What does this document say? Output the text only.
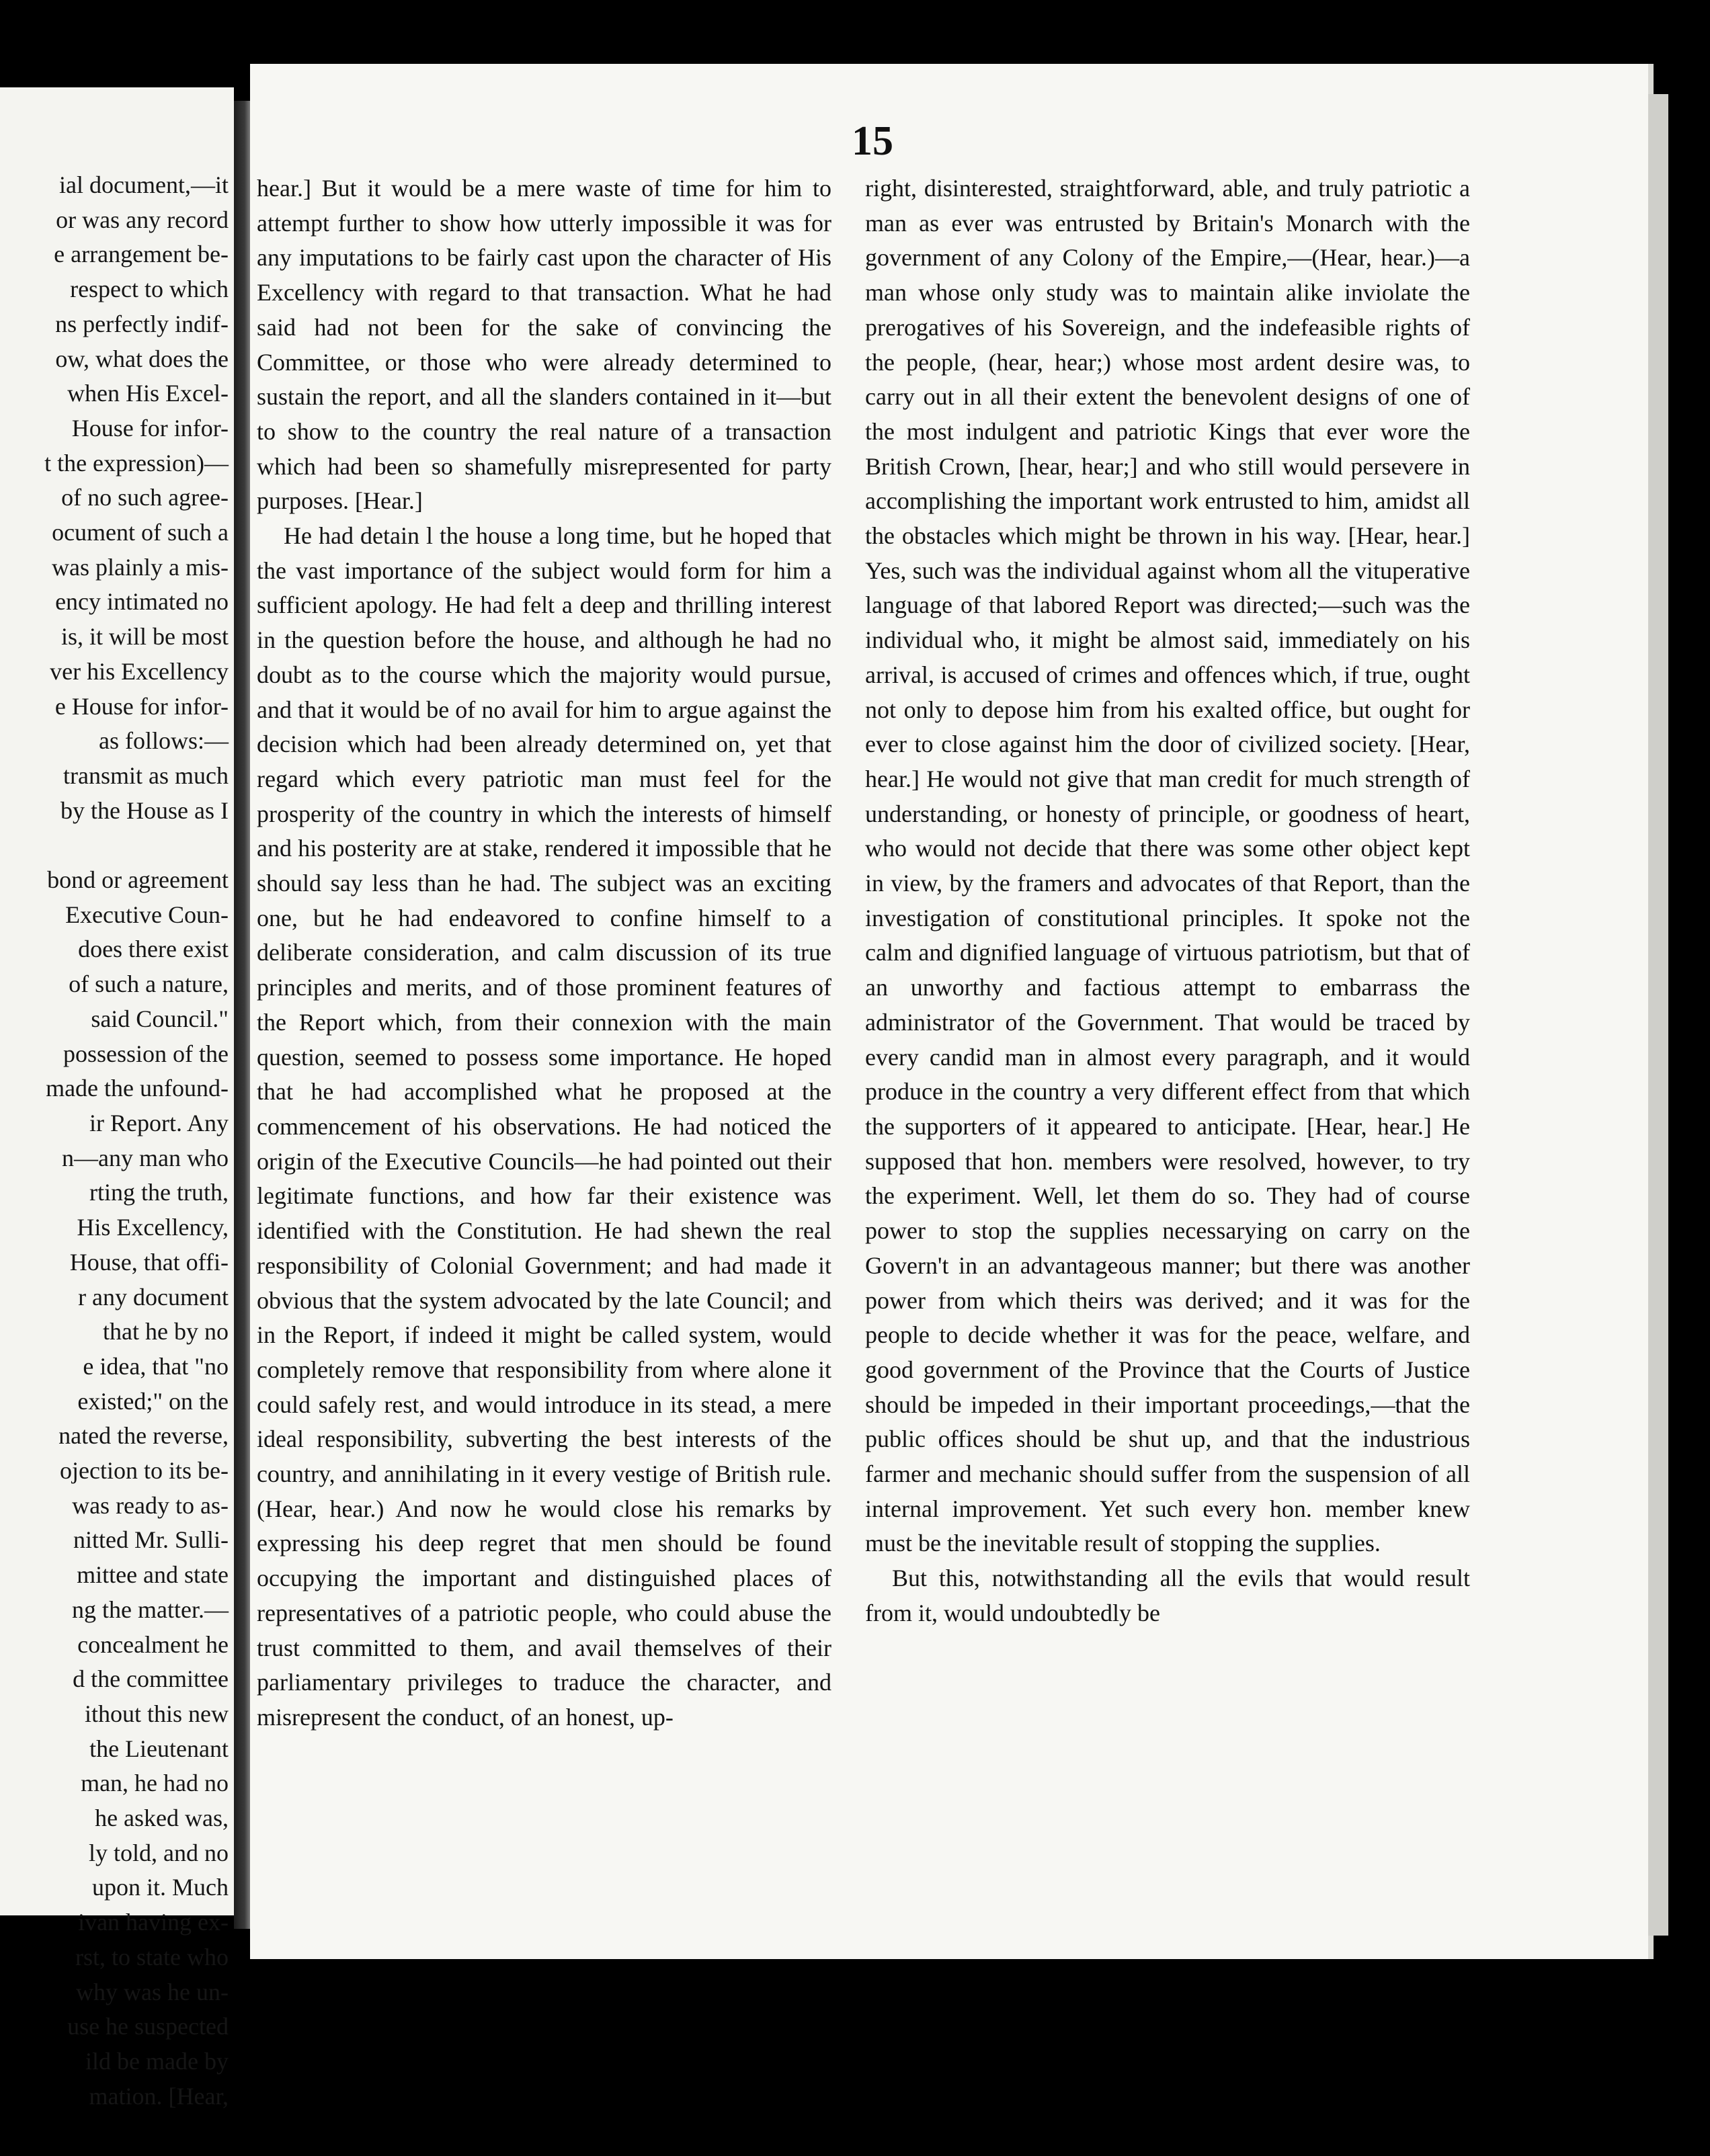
ial document,—it
or was any record
e arrangement be-
respect to which
ns perfectly indif-
ow, what does the
when His Excel-
House for infor-
t the expression)—
of no such agree-
ocument of such a
was plainly a mis-
ency intimated no
is, it will be most
ver his Excellency
e House for infor-
as follows:—
transmit as much
by the House as I

bond or agreement
Executive Coun-
does there exist
of such a nature,
said Council."
possession of the
made the unfound-
ir Report. Any
n—any man who
rting the truth,
His Excellency,
House, that offi-
r any document
that he by no
e idea, that "no
existed;" on the
nated the reverse,
ojection to its be-
was ready to as-
nitted Mr. Sulli-
mittee and state
ng the matter.—
concealment he
d the committee
ithout this new
the Lieutenant
man, he had no
he asked was,
ly told, and no
upon it. Much
ivan having ex-
rst, to state who
why was he un-
use he suspected
ild be made by
mation. [Hear,
15

hear.] But it would be a mere waste of time for him to attempt further to show how utterly impossible it was for any imputations to be fairly cast upon the character of His Excellency with regard to that transaction. What he had said had not been for the sake of convincing the Committee, or those who were already determined to sustain the report, and all the slanders contained in it—but to show to the country the real nature of a transaction which had been so shamefully misrepresented for party purposes. [Hear.]

He had detain l the house a long time, but he hoped that the vast importance of the subject would form for him a sufficient apology. He had felt a deep and thrilling interest in the question before the house, and although he had no doubt as to the course which the majority would pursue, and that it would be of no avail for him to argue against the decision which had been already determined on, yet that regard which every patriotic man must feel for the prosperity of the country in which the interests of himself and his posterity are at stake, rendered it impossible that he should say less than he had. The subject was an exciting one, but he had endeavored to confine himself to a deliberate consideration, and calm discussion of its true principles and merits, and of those prominent features of the Report which, from their connexion with the main question, seemed to possess some importance. He hoped that he had accomplished what he proposed at the commencement of his observations. He had noticed the origin of the Executive Councils—he had pointed out their legitimate functions, and how far their existence was identified with the Constitution. He had shewn the real responsibility of Colonial Government; and had made it obvious that the system advocated by the late Council; and in the Report, if indeed it might be called system, would completely remove that responsibility from where alone it could safely rest, and would introduce in its stead, a mere ideal responsibility, subverting the best interests of the country, and annihilating in it every vestige of British rule. (Hear, hear.) And now he would close his remarks by expressing his deep regret that men should be found occupying the important and distinguished places of representatives of a patriotic people, who could abuse the trust committed to them, and avail themselves of their parliamentary privileges to traduce the character, and misrepresent the conduct, of an honest, up-

right, disinterested, straightforward, able, and truly patriotic a man as ever was entrusted by Britain's Monarch with the government of any Colony of the Empire,—(Hear, hear.)—a man whose only study was to maintain alike inviolate the prerogatives of his Sovereign, and the indefeasible rights of the people, (hear, hear;) whose most ardent desire was, to carry out in all their extent the benevolent designs of one of the most indulgent and patriotic Kings that ever wore the British Crown, [hear, hear;] and who still would persevere in accomplishing the important work entrusted to him, amidst all the obstacles which might be thrown in his way. [Hear, hear.] Yes, such was the individual against whom all the vituperative language of that labored Report was directed;—such was the individual who, it might be almost said, immediately on his arrival, is accused of crimes and offences which, if true, ought not only to depose him from his exalted office, but ought for ever to close against him the door of civilized society. [Hear, hear.] He would not give that man credit for much strength of understanding, or honesty of principle, or goodness of heart, who would not decide that there was some other object kept in view, by the framers and advocates of that Report, than the investigation of constitutional principles. It spoke not the calm and dignified language of virtuous patriotism, but that of an unworthy and factious attempt to embarrass the administrator of the Government. That would be traced by every candid man in almost every paragraph, and it would produce in the country a very different effect from that which the supporters of it appeared to anticipate. [Hear, hear.] He supposed that hon. members were resolved, however, to try the experiment. Well, let them do so. They had of course power to stop the supplies necessarying on carry on the Govern't in an advantageous manner; but there was another power from which theirs was derived; and it was for the people to decide whether it was for the peace, welfare, and good government of the Province that the Courts of Justice should be impeded in their important proceedings,—that the public offices should be shut up, and that the industrious farmer and mechanic should suffer from the suspension of all internal improvement. Yet such every hon. member knew must be the inevitable result of stopping the supplies.

But this, notwithstanding all the evils that would result from it, would undoubtedly be
